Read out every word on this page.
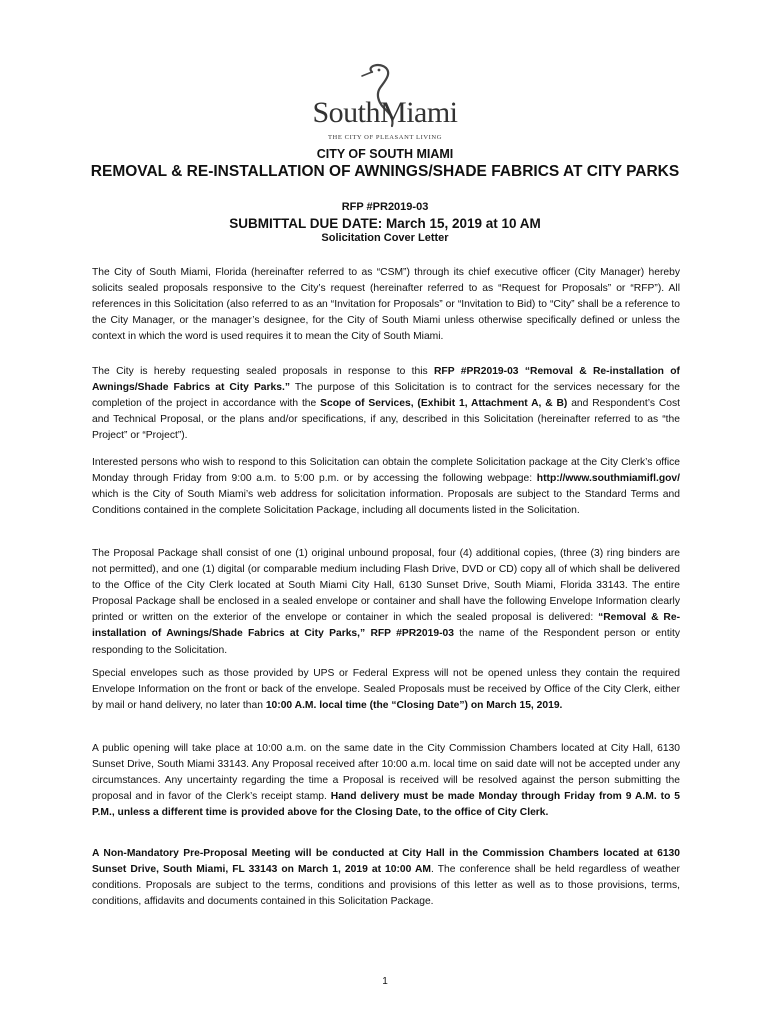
SouthMiami
THE CITY OF PLEASANT LIVING
CITY OF SOUTH MIAMI
REMOVAL & RE-INSTALLATION OF AWNINGS/SHADE FABRICS AT CITY PARKS
RFP #PR2019-03
SUBMITTAL DUE DATE: March 15, 2019 at 10 AM
Solicitation Cover Letter
The City of South Miami, Florida (hereinafter referred to as “CSM”) through its chief executive officer (City Manager) hereby solicits sealed proposals responsive to the City’s request (hereinafter referred to as “Request for Proposals” or “RFP”). All references in this Solicitation (also referred to as an “Invitation for Proposals” or “Invitation to Bid) to “City” shall be a reference to the City Manager, or the manager’s designee, for the City of South Miami unless otherwise specifically defined or unless the context in which the word is used requires it to mean the City of South Miami.
The City is hereby requesting sealed proposals in response to this RFP #PR2019-03 “Removal & Re-installation of Awnings/Shade Fabrics at City Parks.” The purpose of this Solicitation is to contract for the services necessary for the completion of the project in accordance with the Scope of Services, (Exhibit 1, Attachment A, & B) and Respondent’s Cost and Technical Proposal, or the plans and/or specifications, if any, described in this Solicitation (hereinafter referred to as “the Project” or “Project”).
Interested persons who wish to respond to this Solicitation can obtain the complete Solicitation package at the City Clerk’s office Monday through Friday from 9:00 a.m. to 5:00 p.m. or by accessing the following webpage: http://www.southmiamifl.gov/ which is the City of South Miami’s web address for solicitation information. Proposals are subject to the Standard Terms and Conditions contained in the complete Solicitation Package, including all documents listed in the Solicitation.
The Proposal Package shall consist of one (1) original unbound proposal, four (4) additional copies, (three (3) ring binders are not permitted), and one (1) digital (or comparable medium including Flash Drive, DVD or CD) copy all of which shall be delivered to the Office of the City Clerk located at South Miami City Hall, 6130 Sunset Drive, South Miami, Florida 33143. The entire Proposal Package shall be enclosed in a sealed envelope or container and shall have the following Envelope Information clearly printed or written on the exterior of the envelope or container in which the sealed proposal is delivered: “Removal & Re-installation of Awnings/Shade Fabrics at City Parks,” RFP #PR2019-03 the name of the Respondent person or entity responding to the Solicitation.
Special envelopes such as those provided by UPS or Federal Express will not be opened unless they contain the required Envelope Information on the front or back of the envelope. Sealed Proposals must be received by Office of the City Clerk, either by mail or hand delivery, no later than 10:00 A.M. local time (the “Closing Date”) on March 15, 2019.
A public opening will take place at 10:00 a.m. on the same date in the City Commission Chambers located at City Hall, 6130 Sunset Drive, South Miami 33143. Any Proposal received after 10:00 a.m. local time on said date will not be accepted under any circumstances. Any uncertainty regarding the time a Proposal is received will be resolved against the person submitting the proposal and in favor of the Clerk’s receipt stamp. Hand delivery must be made Monday through Friday from 9 A.M. to 5 P.M., unless a different time is provided above for the Closing Date, to the office of City Clerk.
A Non-Mandatory Pre-Proposal Meeting will be conducted at City Hall in the Commission Chambers located at 6130 Sunset Drive, South Miami, FL 33143 on March 1, 2019 at 10:00 AM. The conference shall be held regardless of weather conditions. Proposals are subject to the terms, conditions and provisions of this letter as well as to those provisions, terms, conditions, affidavits and documents contained in this Solicitation Package.
1
